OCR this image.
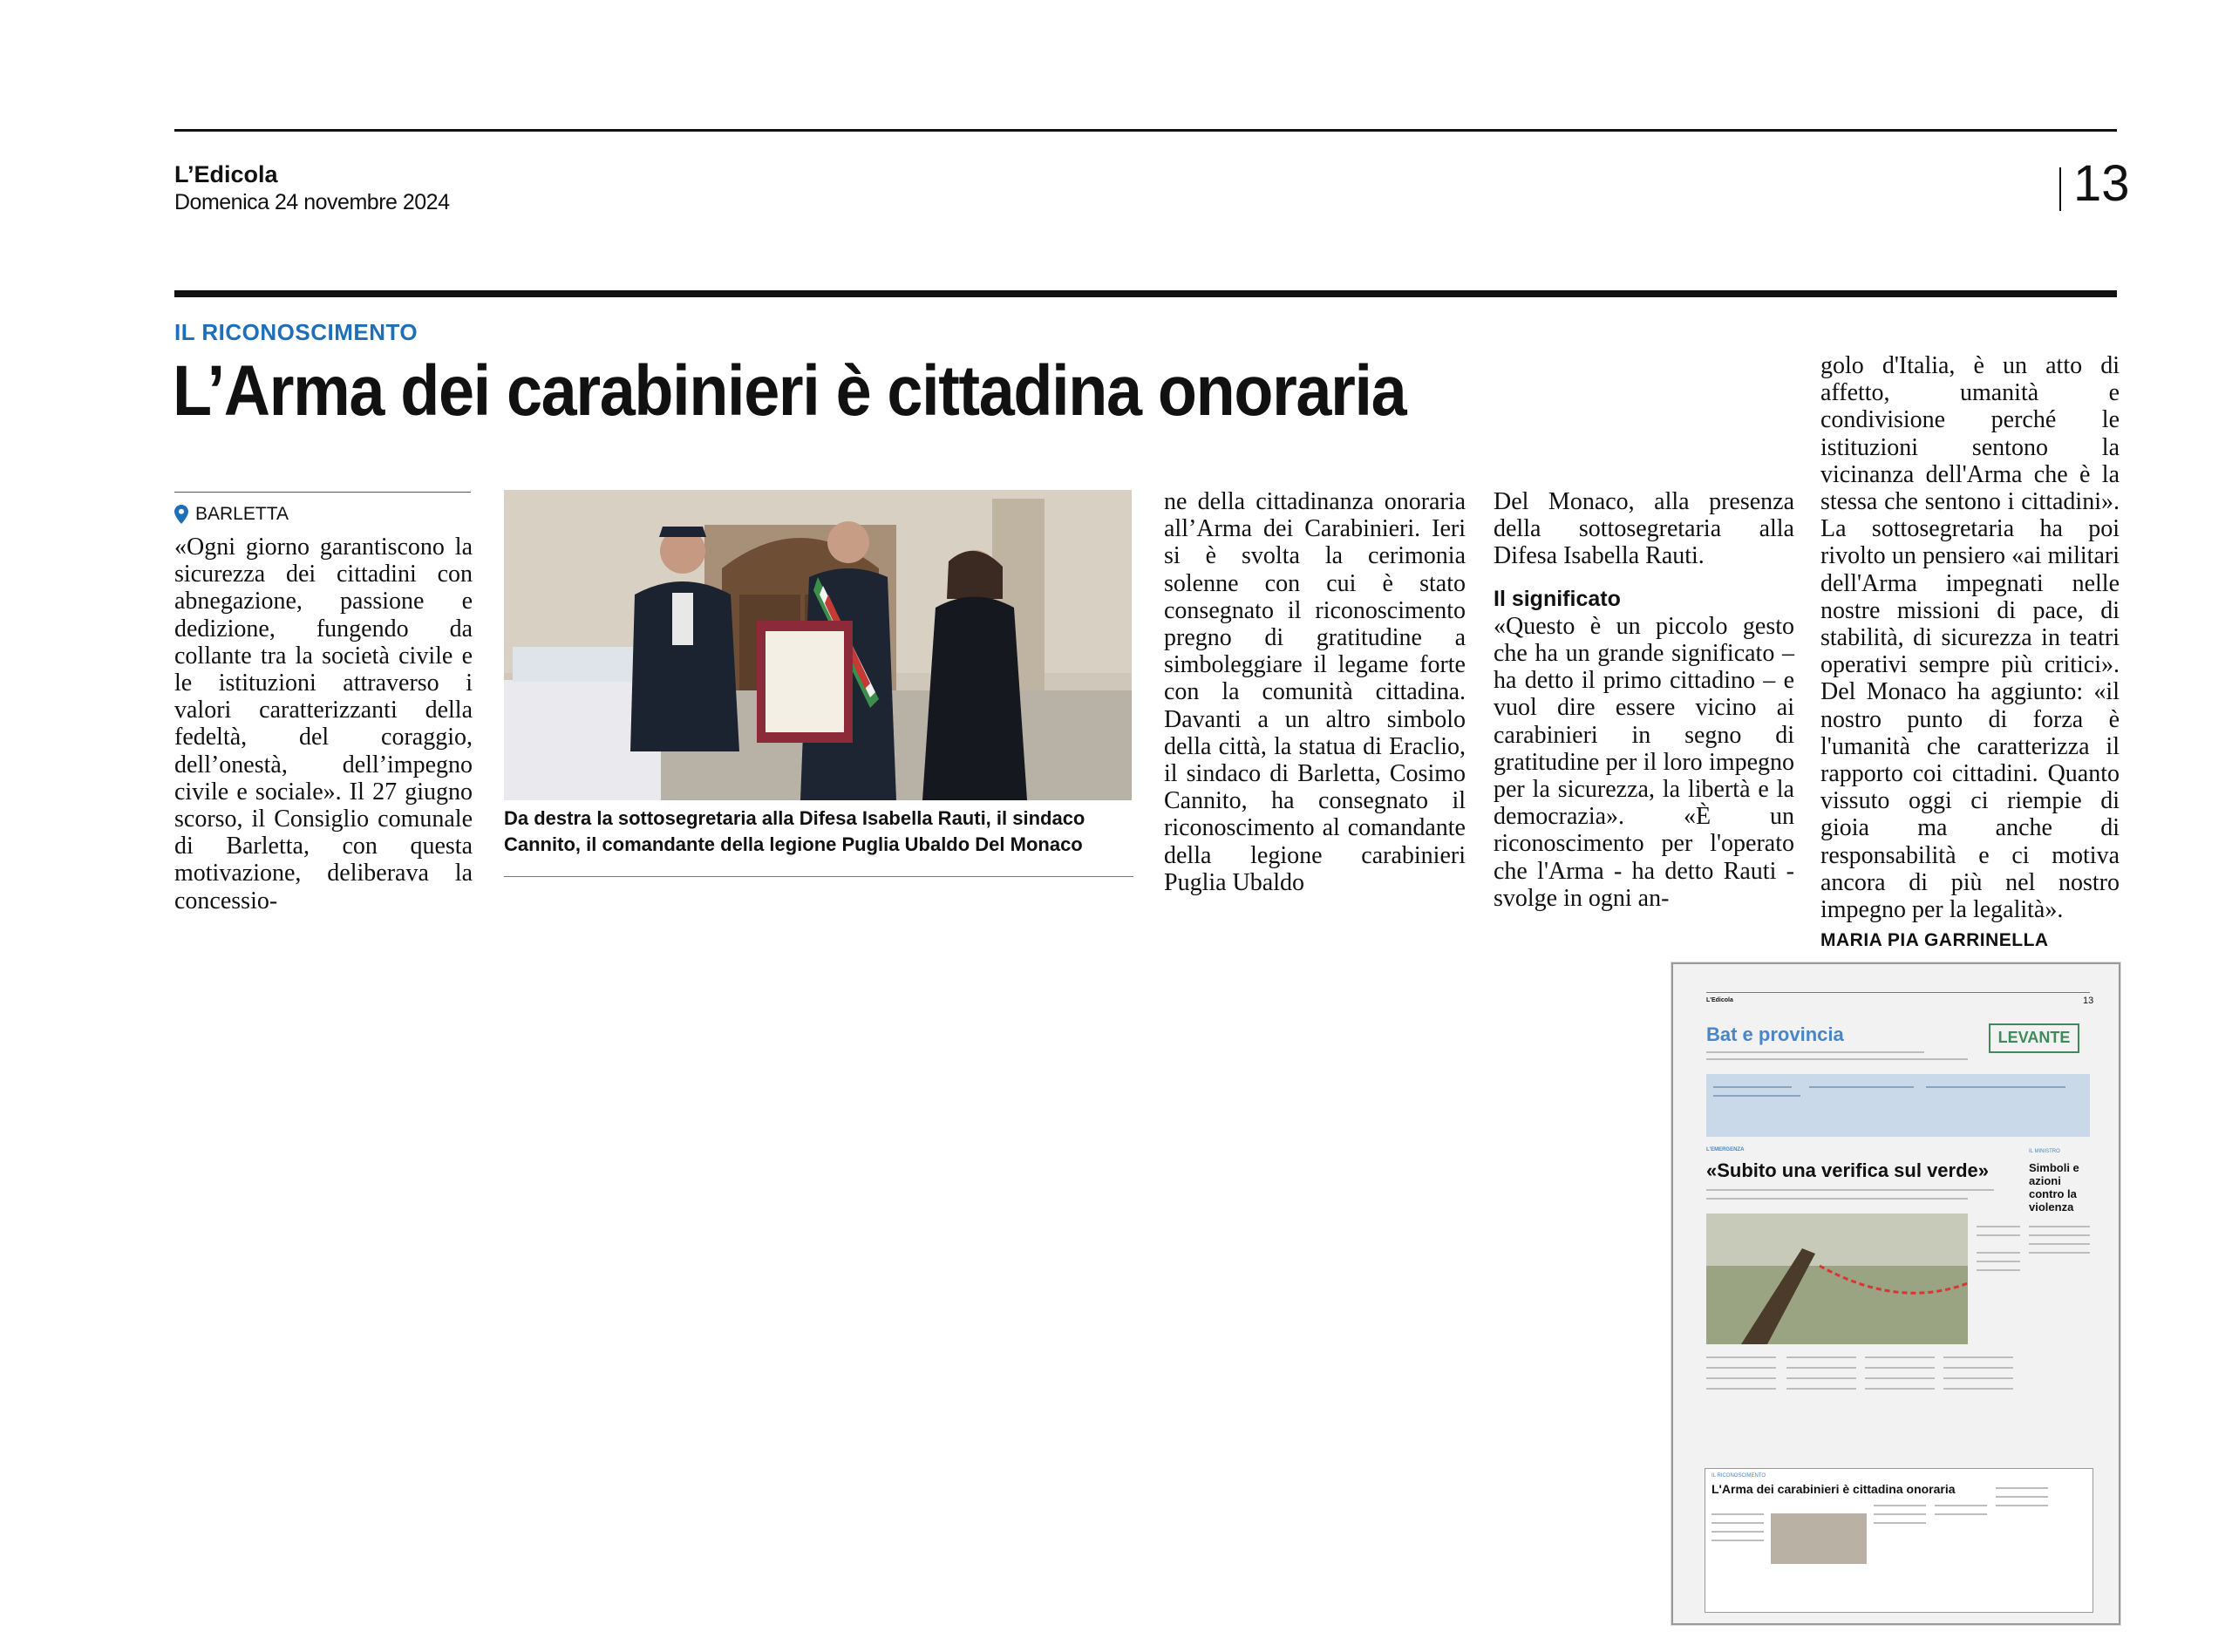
L’Edicola
Domenica 24 novembre 2024	13
IL RICONOSCIMENTO
L’Arma dei carabinieri è cittadina onoraria
BARLETTA

«Ogni giorno garantiscono la sicurezza dei cittadini con abnegazione, passione e dedizione, fungendo da collante tra la società civile e le istituzioni attraverso i valori caratterizzanti della fedeltà, del coraggio, dell’onestà, dell’impegno civile e sociale». Il 27 giugno scorso, il Consiglio comunale di Barletta, con questa motivazione, deliberava la concessio-

Da destra la sottosegretaria alla Difesa Isabella Rauti, il sindaco Cannito, il comandante della legione Puglia Ubaldo Del Monaco

ne della cittadinanza onoraria all’Arma dei Carabinieri. Ieri si è svolta la cerimonia solenne con cui è stato consegnato il riconoscimento pregno di gratitudine a simboleggiare il legame forte con la comunità cittadina. Davanti a un altro simbolo della città, la statua di Eraclio, il sindaco di Barletta, Cosimo Cannito, ha consegnato il riconoscimento al comandante della legione carabinieri Puglia Ubaldo

Del Monaco, alla presenza della sottosegretaria alla Difesa Isabella Rauti.

Il significato

«Questo è un piccolo gesto che ha un grande significato – ha detto il primo cittadino – e vuol dire essere vicino ai carabinieri in segno di gratitudine per il loro impegno per la sicurezza, la libertà e la democrazia». «È un riconoscimento per l'operato che l'Arma - ha detto Rauti - svolge in ogni an-

golo d'Italia, è un atto di affetto, umanità e condivisione perché le istituzioni sentono la vicinanza dell'Arma che è la stessa che sentono i cittadini». La sottosegretaria ha poi rivolto un pensiero «ai militari dell'Arma impegnati nelle nostre missioni di pace, di stabilità, di sicurezza in teatri operativi sempre più critici». Del Monaco ha aggiunto: «il nostro punto di forza è l'umanità che caratterizza il rapporto coi cittadini. Quanto vissuto oggi ci riempie di gioia ma anche di responsabilità e ci motiva ancora di più nel nostro impegno per la legalità».

MARIA PIA GARRINELLA

L'Edicola	13
Bat e provincia	LEVANTE
L'EMERGENZA
«Subito una verifica sul verde»
IL MINISTRO
Simboli e azioni contro la violenza
IL RICONOSCIMENTO
L'Arma dei carabinieri è cittadina onoraria
